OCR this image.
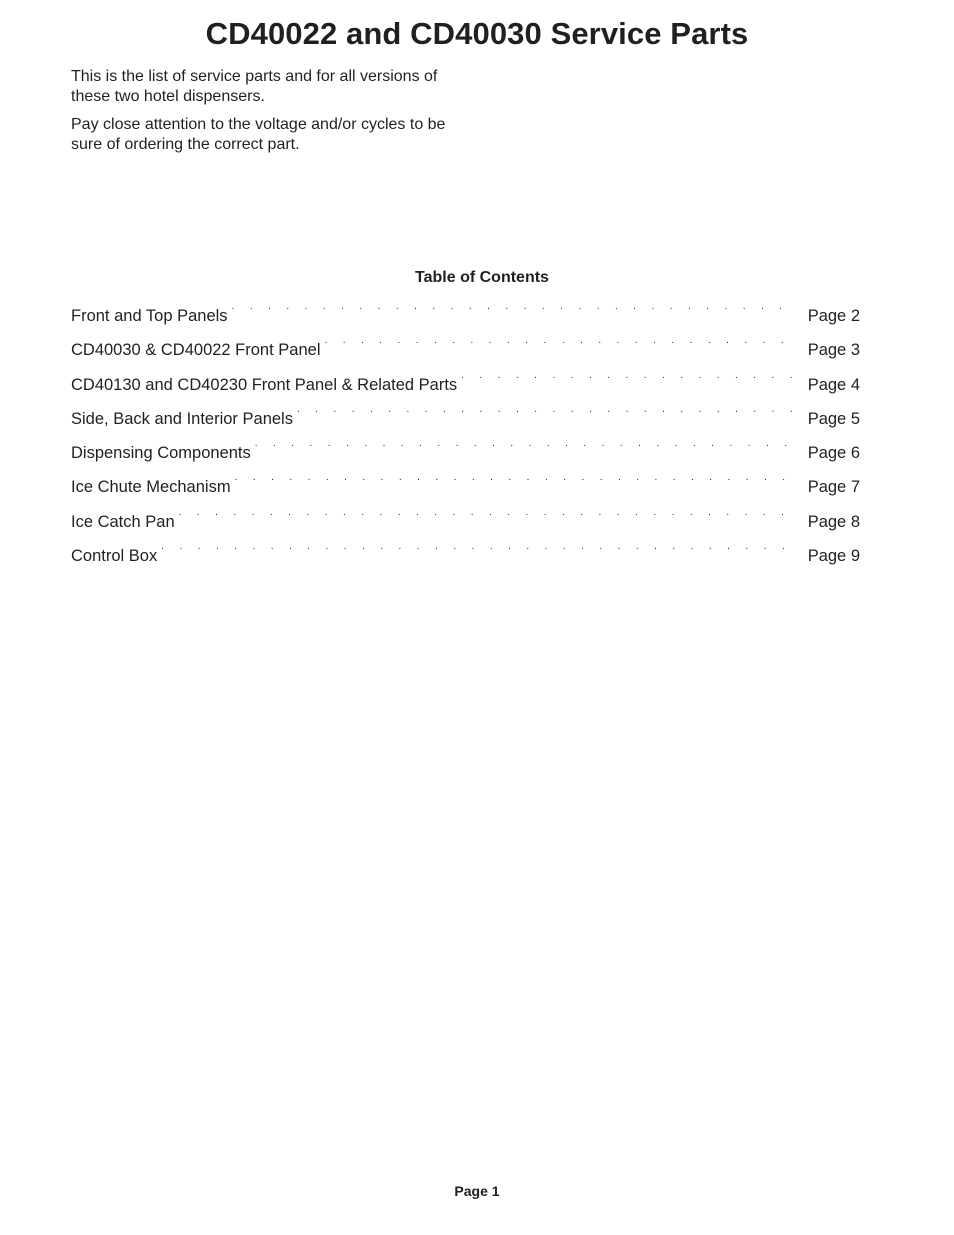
CD40022 and CD40030 Service Parts

This is the list of service parts and for all versions of these two hotel dispensers.

Pay close attention to the voltage and/or cycles to be sure of ordering the correct part.

Table of Contents
Front and Top Panels . . .	Page 2
CD40030 & CD40022 Front Panel . . .	Page 3
CD40130 and CD40230 Front Panel & Related Parts . . .	Page 4
Side, Back and Interior Panels . . .	Page 5
Dispensing Components . . .	Page 6
Ice Chute Mechanism . . .	Page 7
Ice Catch Pan . . .	Page 8
Control Box . . .	Page 9
Page 1
